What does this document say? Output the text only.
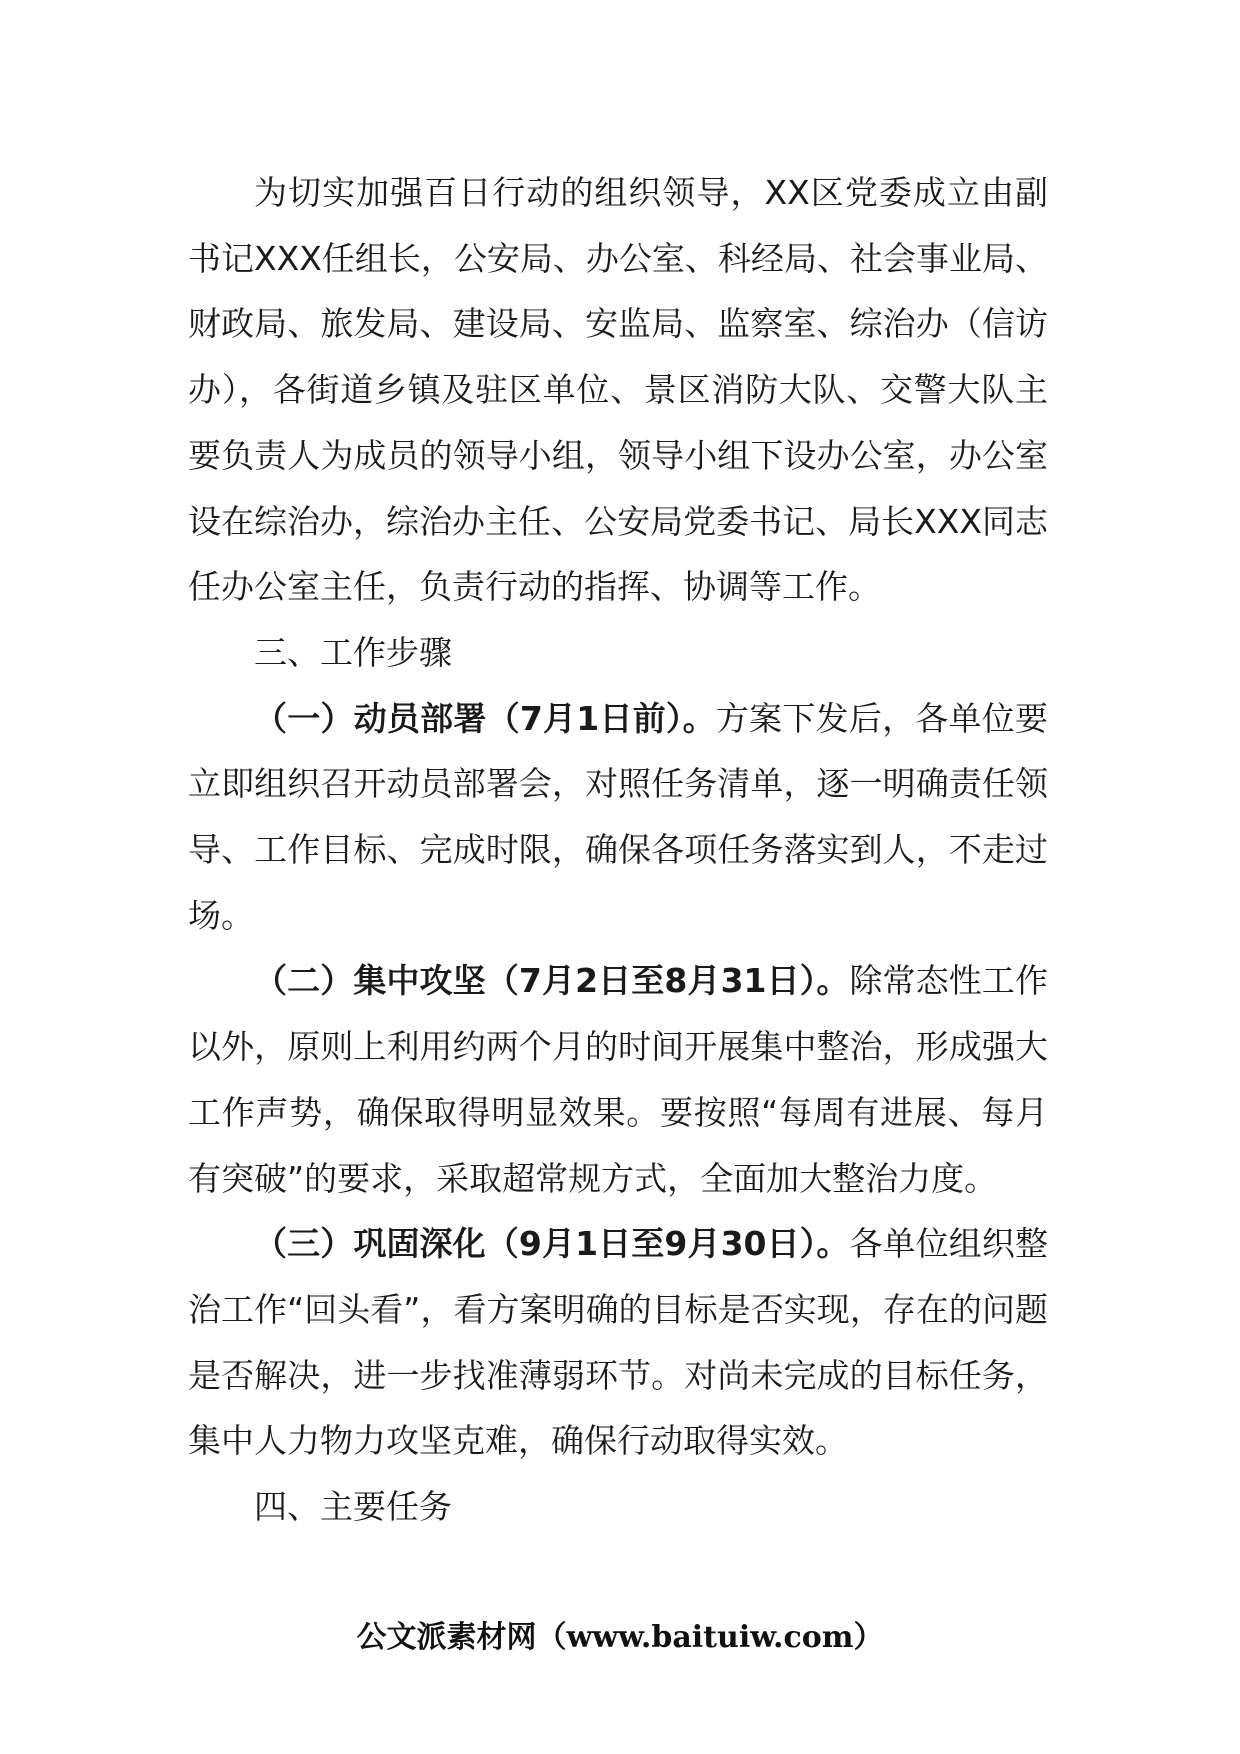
为切实加强百日行动的组织领导，XX区党委成立由副书记XXX任组长，公安局、办公室、科经局、社会事业局、财政局、旅发局、建设局、安监局、监察室、综治办（信访办），各街道乡镇及驻区单位、景区消防大队、交警大队主要负责人为成员的领导小组，领导小组下设办公室，办公室设在综治办，综治办主任、公安局党委书记、局长XXX同志任办公室主任，负责行动的指挥、协调等工作。

三、工作步骤

（一）动员部署（7月1日前）。方案下发后，各单位要立即组织召开动员部署会，对照任务清单，逐一明确责任领导、工作目标、完成时限，确保各项任务落实到人，不走过场。

（二）集中攻坚（7月2日至8月31日）。除常态性工作以外，原则上利用约两个月的时间开展集中整治，形成强大工作声势，确保取得明显效果。要按照“每周有进展、每月有突破”的要求，采取超常规方式，全面加大整治力度。

（三）巩固深化（9月1日至9月30日）。各单位组织整治工作“回头看”，看方案明确的目标是否实现，存在的问题是否解决，进一步找准薄弱环节。对尚未完成的目标任务，集中人力物力攻坚克难，确保行动取得实效。

四、主要任务

公文派素材网（www.baituiw.com）
